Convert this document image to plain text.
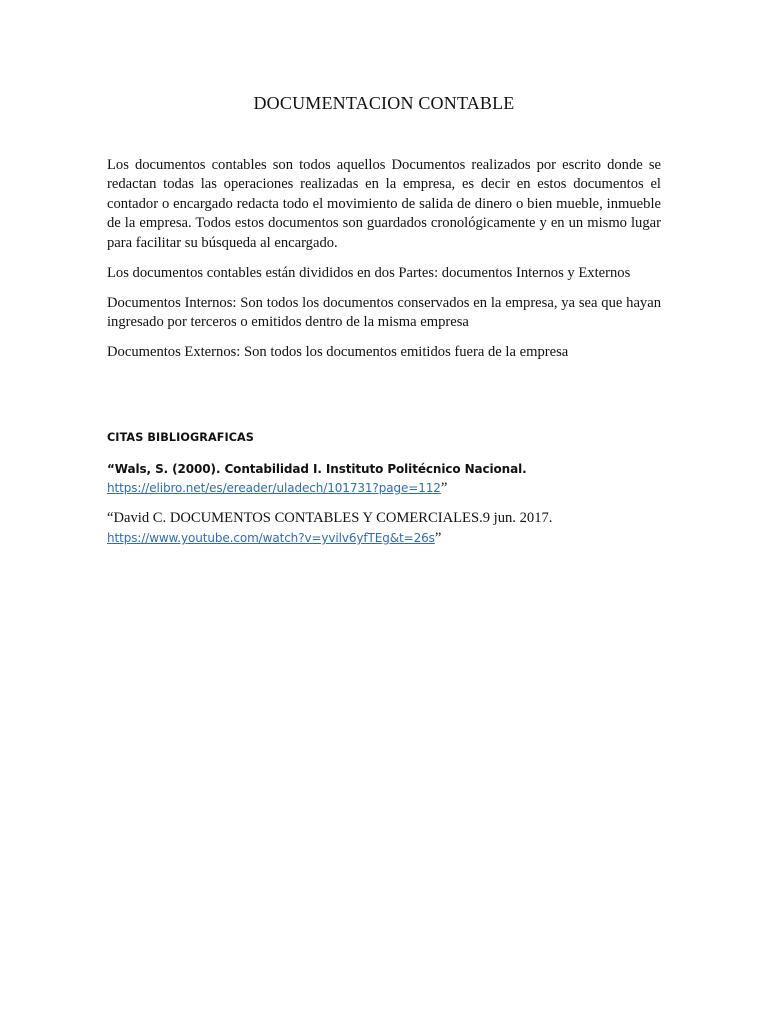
DOCUMENTACION CONTABLE

Los documentos contables son todos aquellos Documentos realizados por escrito donde se redactan todas las operaciones realizadas en la empresa, es decir en estos documentos el contador o encargado redacta todo el movimiento de salida de dinero o bien mueble, inmueble de la empresa. Todos estos documentos son guardados cronológicamente y en un mismo lugar para facilitar su búsqueda al encargado.

Los documentos contables están divididos en dos Partes: documentos Internos y Externos

Documentos Internos: Son todos los documentos conservados en la empresa, ya sea que hayan ingresado por terceros o emitidos dentro de la misma empresa

Documentos Externos: Son todos los documentos emitidos fuera de la empresa

CITAS BIBLIOGRAFICAS
“Wals, S. (2000). Contabilidad I. Instituto Politécnico Nacional.
https://elibro.net/es/ereader/uladech/101731?page=112”
“David C. DOCUMENTOS CONTABLES Y COMERCIALES.9 jun. 2017.
https://www.youtube.com/watch?v=yvilv6yfTEg&t=26s”
